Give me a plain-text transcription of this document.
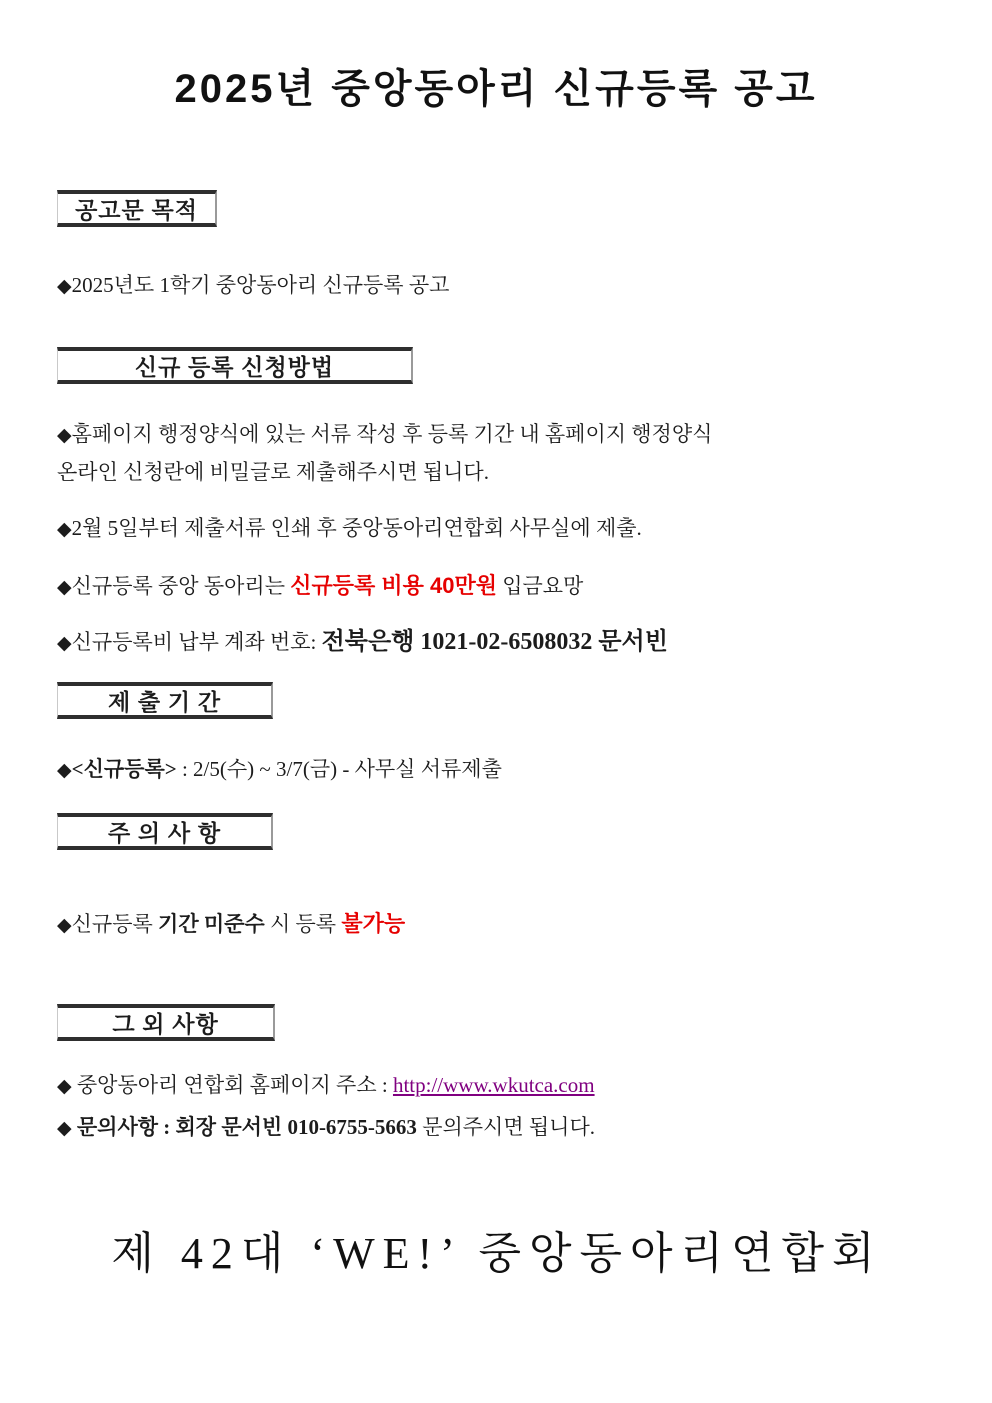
2025년 중앙동아리 신규등록 공고
공고문 목적

◆2025년도 1학기 중앙동아리 신규등록 공고

신규 등록 신청방법

◆홈페이지 행정양식에 있는 서류 작성 후 등록 기간 내 홈페이지 행정양식
온라인 신청란에 비밀글로 제출해주시면 됩니다.

◆2월 5일부터 제출서류 인쇄 후 중앙동아리연합회 사무실에 제출.

◆신규등록 중앙 동아리는 신규등록 비용 40만원 입금요망

◆신규등록비 납부 계좌 번호: 전북은행 1021-02-6508032 문서빈

제 출 기 간

◆<신규등록> : 2/5(수) ~ 3/7(금) - 사무실 서류제출

주 의 사 항

◆신규등록 기간 미준수 시 등록 불가능

그 외 사항

◆ 중앙동아리 연합회 홈페이지 주소 : http://www.wkutca.com

◆ 문의사항 : 회장 문서빈 010-6755-5663 문의주시면 됩니다.

제 42대 ‘WE!’ 중앙동아리연합회
